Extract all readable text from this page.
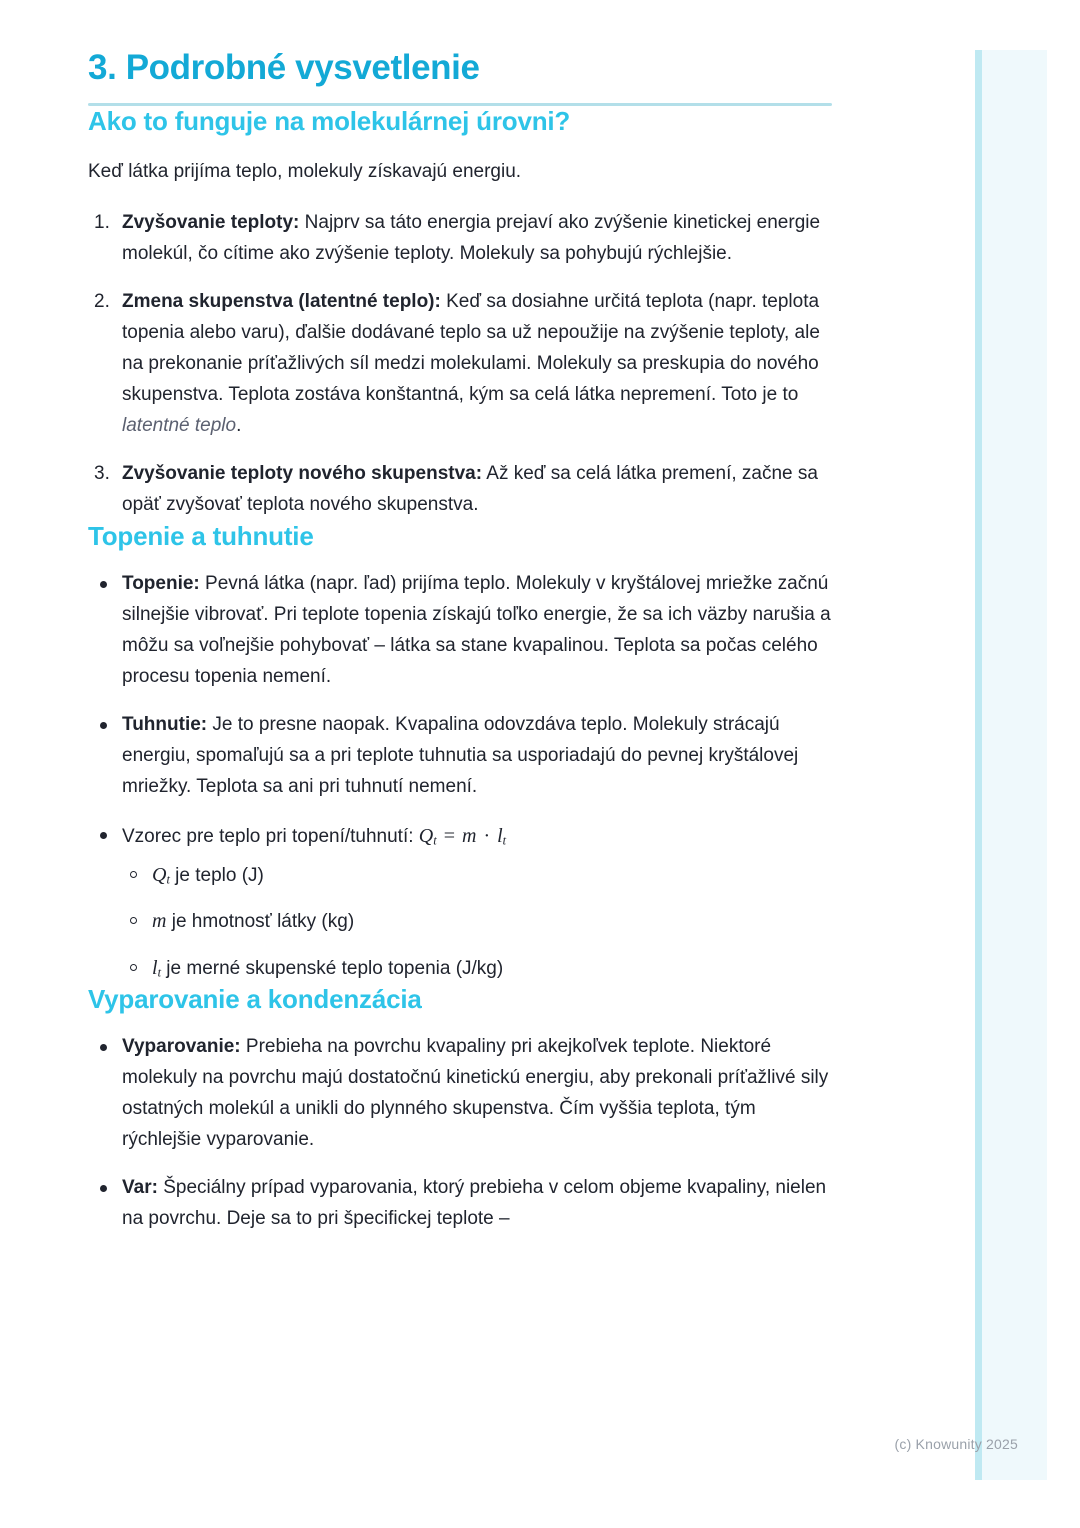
3. Podrobné vysvetlenie
Ako to funguje na molekulárnej úrovni?

Keď látka prijíma teplo, molekuly získavajú energiu.

1. Zvyšovanie teploty: Najprv sa táto energia prejaví ako zvýšenie kinetickej energie molekúl, čo cítime ako zvýšenie teploty. Molekuly sa pohybujú rýchlejšie.
2. Zmena skupenstva (latentné teplo): Keď sa dosiahne určitá teplota (napr. teplota topenia alebo varu), ďalšie dodávané teplo sa už nepoužije na zvýšenie teploty, ale na prekonanie príťažlivých síl medzi molekulami. Molekuly sa preskupia do nového skupenstva. Teplota zostáva konštantná, kým sa celá látka nepremení. Toto je to latentné teplo.
3. Zvyšovanie teploty nového skupenstva: Až keď sa celá látka premení, začne sa opäť zvyšovať teplota nového skupenstva.
Topenie a tuhnutie
Topenie: Pevná látka (napr. ľad) prijíma teplo. Molekuly v kryštálovej mriežke začnú silnejšie vibrovať. Pri teplote topenia získajú toľko energie, že sa ich väzby narušia a môžu sa voľnejšie pohybovať – látka sa stane kvapalinou. Teplota sa počas celého procesu topenia nemení.
Tuhnutie: Je to presne naopak. Kvapalina odovzdáva teplo. Molekuly strácajú energiu, spomaľujú sa a pri teplote tuhnutia sa usporiadajú do pevnej kryštálovej mriežky. Teplota sa ani pri tuhnutí nemení.
Vzorec pre teplo pri topení/tuhnutí: $Q_t = m \cdot l_t$
$Q_t$ je teplo (J)
m je hmotnosť látky (kg)
$l_t$ je merné skupenské teplo topenia (J/kg)
Vyparovanie a kondenzácia
Vyparovanie: Prebieha na povrchu kvapaliny pri akejkoľvek teplote. Niektoré molekuly na povrchu majú dostatočnú kinetickú energiu, aby prekonali príťažlivé sily ostatných molekúl a unikli do plynného skupenstva. Čím vyššia teplota, tým rýchlejšie vyparovanie.
Var: Špeciálny prípad vyparovania, ktorý prebieha v celom objeme kvapaliny, nielen na povrchu. Deje sa to pri špecifickej teplote –
(c) Knowunity 2025
